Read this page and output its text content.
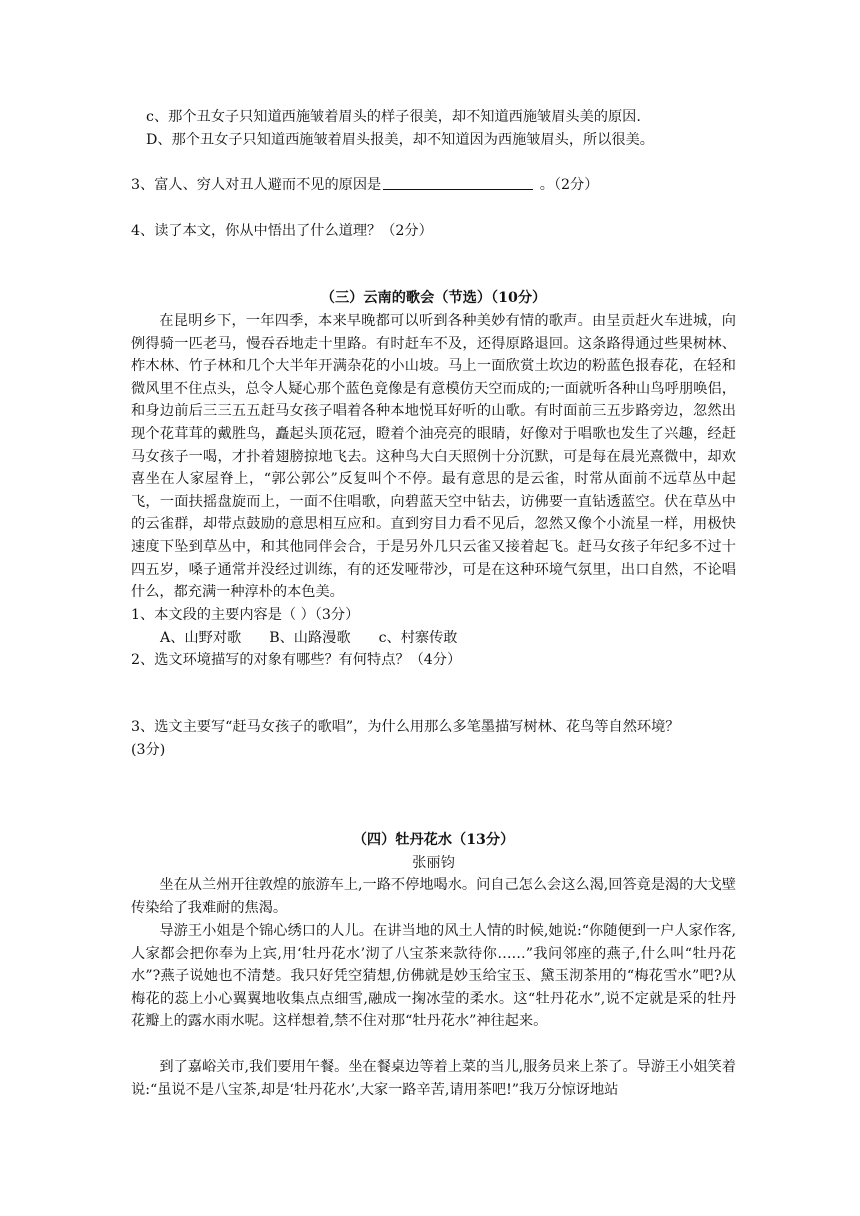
c、那个丑女子只知道西施皱着眉头的样子很美，却不知道西施皱眉头美的原因.
D、那个丑女子只知道西施皱着眉头报美，却不知道因为西施皱眉头，所以很美。
3、富人、穷人对丑人避而不见的原因是	。（2分）
4、读了本文，你从中悟出了什么道理？（2分）
（三）云南的歌会（节选）（10分）

在昆明乡下，一年四季，本来早晚都可以听到各种美妙有情的歌声。由呈贡赶火车进城，向例得骑一匹老马，慢吞吞地走十里路。有时赶车不及，还得原路退回。这条路得通过些果树林、柞木林、竹子林和几个大半年开满杂花的小山坡。马上一面欣赏土坎边的粉蓝色报春花，在轻和微风里不住点头，总令人疑心那个蓝色竟像是有意模仿天空而成的;一面就听各种山鸟呼朋唤侣，和身边前后三三五五赶马女孩子唱着各种本地悦耳好听的山歌。有时面前三五步路旁边，忽然出现个花茸茸的戴胜鸟，矗起头顶花冠，瞪着个油亮亮的眼睛，好像对于唱歌也发生了兴趣，经赶马女孩子一喝，才扑着翅膀掠地飞去。这种鸟大白天照例十分沉默，可是每在晨光熹微中，却欢喜坐在人家屋脊上，“郭公郭公”反复叫个不停。最有意思的是云雀，时常从面前不远草丛中起飞，一面扶摇盘旋而上，一面不住唱歌，向碧蓝天空中钻去，访佛要一直钻透蓝空。伏在草丛中的云雀群，却带点鼓励的意思相互应和。直到穷目力看不见后，忽然又像个小流星一样，用极快速度下坠到草丛中，和其他同伴会合，于是另外几只云雀又接着起飞。赶马女孩子年纪多不过十四五岁，嗓子通常并没经过训练，有的还发哑带沙，可是在这种环境气氛里，出口自然，不论唱什么，都充满一种淳朴的本色美。

1、本文段的主要内容是（ ）（3分）
A、山野对歌 B、山路漫歌 c、村寨传敢
2、选文环境描写的对象有哪些？有何特点？（4分）
3、选文主要写“赶马女孩子的歌唱”，为什么用那么多笔墨描写树林、花鸟等自然环境？
(3分)
（四）牡丹花水（13分）
张丽钧

坐在从兰州开往敦煌的旅游车上,一路不停地喝水。问自己怎么会这么渴,回答竟是渴的大戈壁传染给了我难耐的焦渴。

导游王小姐是个锦心绣口的人儿。在讲当地的风土人情的时候,她说:“你随便到一户人家作客,人家都会把你奉为上宾,用‘牡丹花水’沏了八宝茶来款待你……”我问邻座的燕子,什么叫“牡丹花水”?燕子说她也不清楚。我只好凭空猜想,仿佛就是妙玉给宝玉、黛玉沏茶用的“梅花雪水”吧?从梅花的蕊上小心翼翼地收集点点细雪,融成一掬冰莹的柔水。这“牡丹花水”,说不定就是采的牡丹花瓣上的露水雨水呢。这样想着,禁不住对那“牡丹花水”神往起来。

到了嘉峪关市,我们要用午餐。坐在餐桌边等着上菜的当儿,服务员来上茶了。导游王小姐笑着说:“虽说不是八宝茶,却是‘牡丹花水’,大家一路辛苦,请用茶吧!”我万分惊讶地站
